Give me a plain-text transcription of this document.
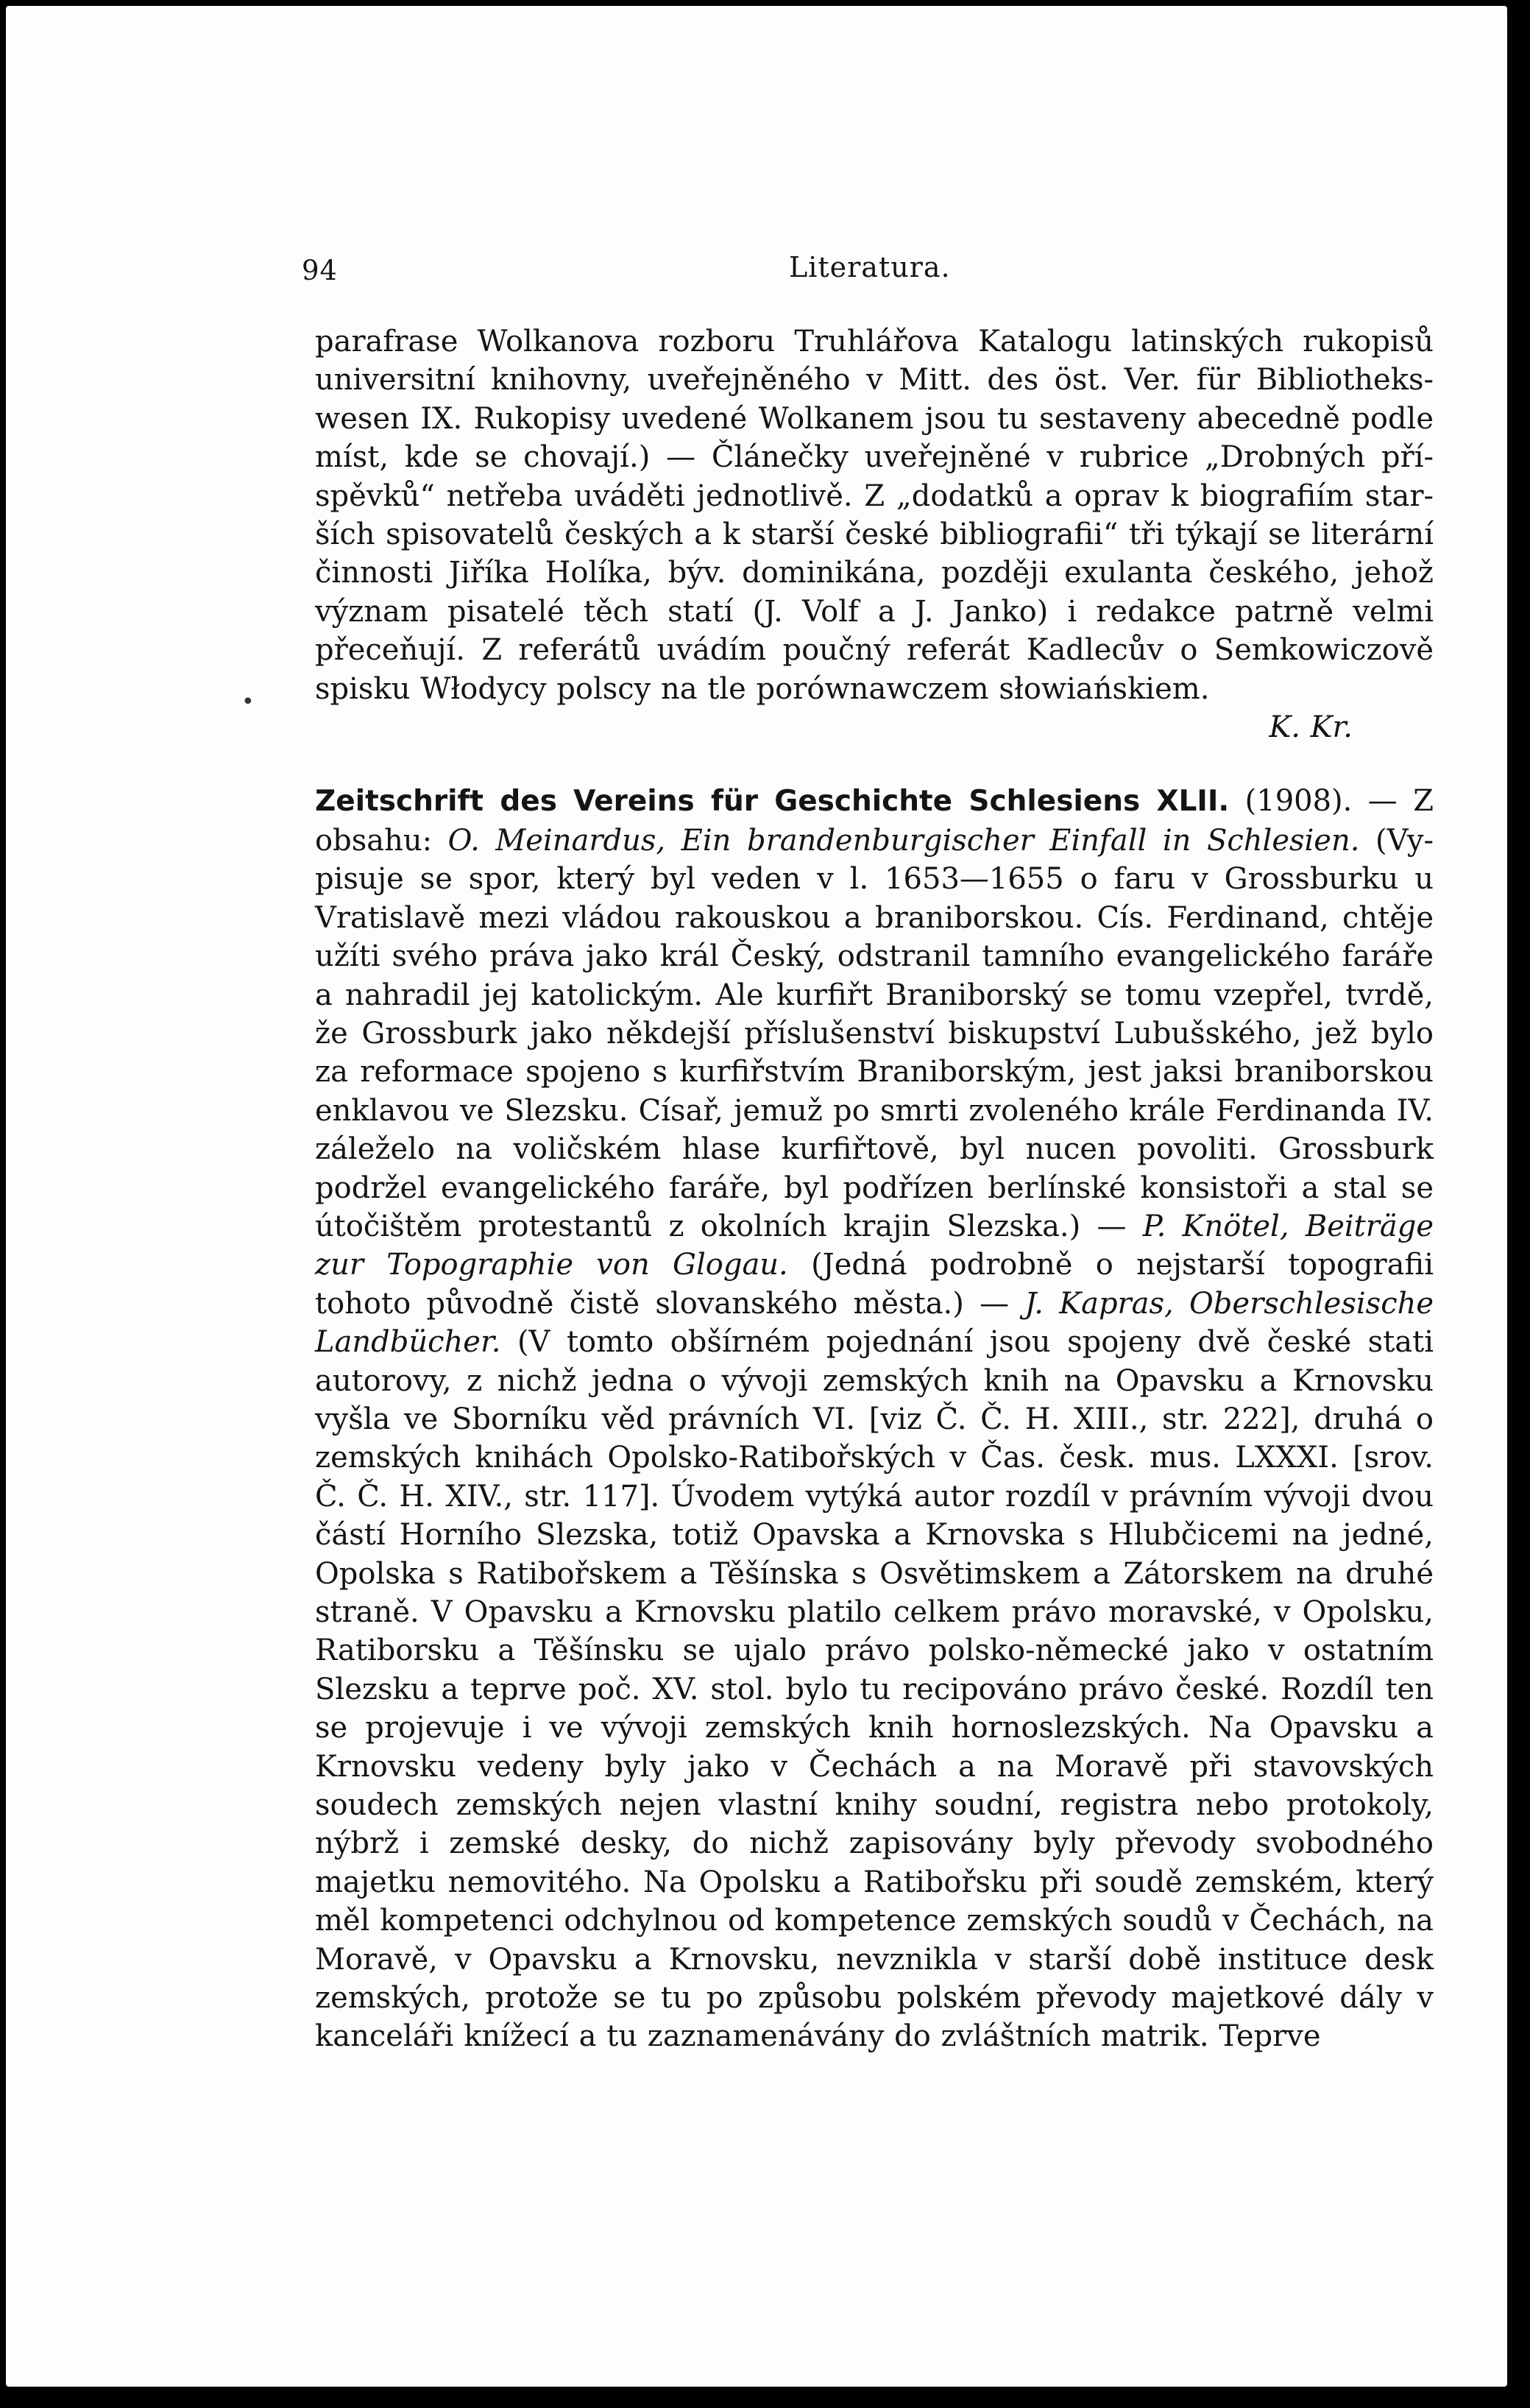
94	Literatura.
•

parafrase Wolkanova rozboru Truhlářova Katalogu latinských rukopisů universitní knihovny, uveřejněného v Mitt. des öst. Ver. für Bibliothekswesen IX. Rukopisy uvedené Wolkanem jsou tu sestaveny abecedně podle míst, kde se chovají.) — Článečky uveřejněné v rubrice „Drobných příspěvků“ netřeba uváděti jednotlivě. Z „dodatků a oprav k biografiím starších spisovatelů českých a k starší české bibliografii“ tři týkají se literární činnosti Jiříka Holíka, býv. dominikána, později exulanta českého, jehož význam pisatelé těch statí (J. Volf a J. Janko) i redakce patrně velmi přeceňují. Z referátů uvádím poučný referát Kadlecův o Semkowiczově spisku Włodycy polscy na tle porównawczem słowiańskiem.

K. Kr.

Zeitschrift des Vereins für Geschichte Schlesiens XLII. (1908). — Z obsahu: O. Meinardus, Ein brandenburgischer Einfall in Schlesien. (Vypisuje se spor, který byl veden v l. 1653—1655 o faru v Grossburku u Vratislavě mezi vládou rakouskou a braniborskou. Cís. Ferdinand, chtěje užíti svého práva jako král Český, odstranil tamního evangelického faráře a nahradil jej katolickým. Ale kurfiřt Braniborský se tomu vzepřel, tvrdě, že Grossburk jako někdejší příslušenství biskupství Lubušského, jež bylo za reformace spojeno s kurfiřstvím Braniborským, jest jaksi braniborskou enklavou ve Slezsku. Císař, jemuž po smrti zvoleného krále Ferdinanda IV. záleželo na voličském hlase kurfiřtově, byl nucen povoliti. Grossburk podržel evangelického faráře, byl podřízen berlínské konsistoři a stal se útočištěm protestantů z okolních krajin Slezska.) — P. Knötel, Beiträge zur Topographie von Glogau. (Jedná podrobně o nejstarší topografii tohoto původně čistě slovanského města.) — J. Kapras, Oberschlesische Landbücher. (V tomto obšírném pojednání jsou spojeny dvě české stati autorovy, z nichž jedna o vývoji zemských knih na Opavsku a Krnovsku vyšla ve Sborníku věd právních VI. [viz Č. Č. H. XIII., str. 222], druhá o zemských knihách Opolsko-Ratibořských v Čas. česk. mus. LXXXI. [srov. Č. Č. H. XIV., str. 117]. Úvodem vytýká autor rozdíl v právním vývoji dvou částí Horního Slezska, totiž Opavska a Krnovska s Hlubčicemi na jedné, Opolska s Ratibořskem a Těšínska s Osvětimskem a Zátorskem na druhé straně. V Opavsku a Krnovsku platilo celkem právo moravské, v Opolsku, Ratiborsku a Těšínsku se ujalo právo polsko-německé jako v ostatním Slezsku a teprve poč. XV. stol. bylo tu recipováno právo české. Rozdíl ten se projevuje i ve vývoji zemských knih hornoslezských. Na Opavsku a Krnovsku vedeny byly jako v Čechách a na Moravě při stavovských soudech zemských nejen vlastní knihy soudní, registra nebo protokoly, nýbrž i zemské desky, do nichž zapisovány byly převody svobodného majetku nemovitého. Na Opolsku a Ratibořsku při soudě zemském, který měl kompetenci odchylnou od kompetence zemských soudů v Čechách, na Moravě, v Opavsku a Krnovsku, nevznikla v starší době instituce desk zemských, protože se tu po způsobu polském převody majetkové dály v kanceláři knížecí a tu zaznamenávány do zvláštních matrik. Teprve
